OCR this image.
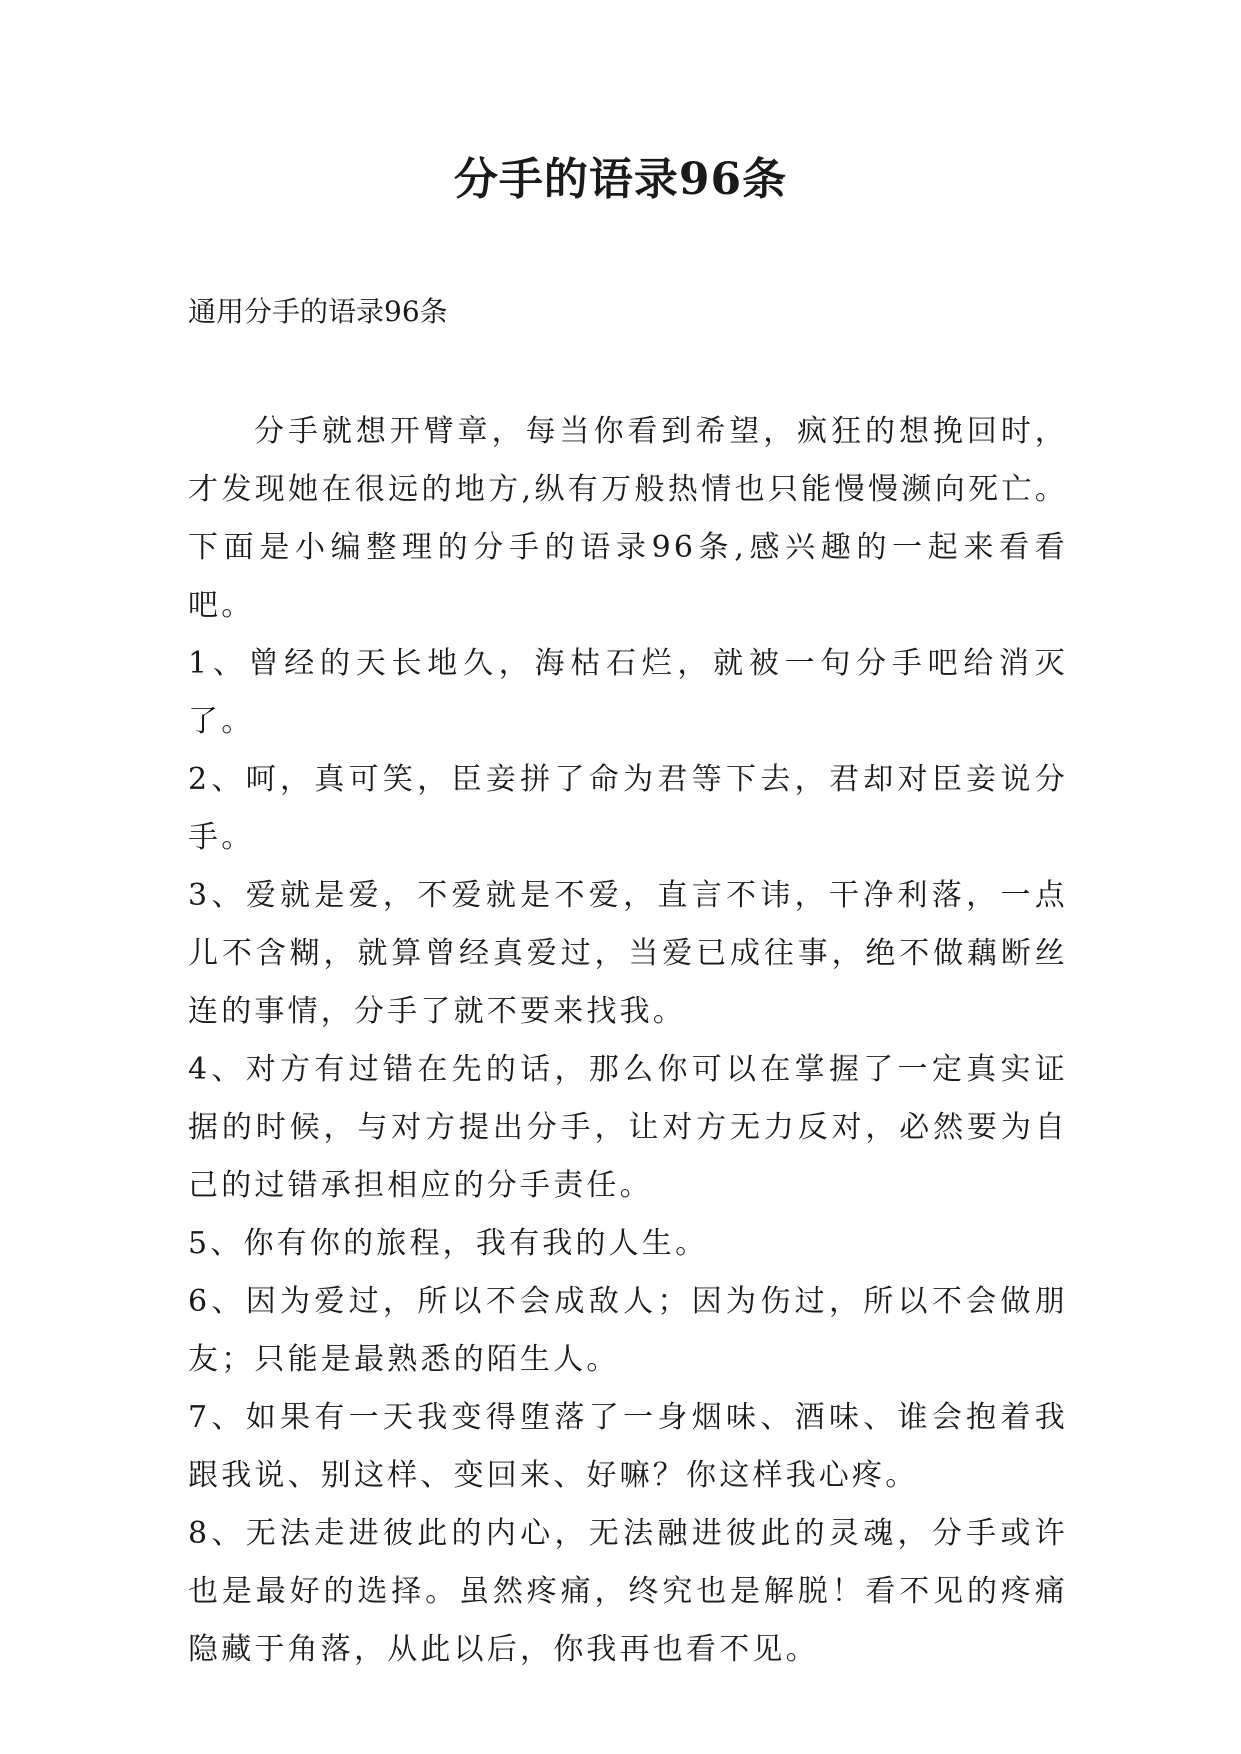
分手的语录96条

通用分手的语录96条

分手就想开臂章，每当你看到希望，疯狂的想挽回时，才发现她在很远的地方,纵有万般热情也只能慢慢濒向死亡。下面是小编整理的分手的语录96条,感兴趣的一起来看看吧。

1、曾经的天长地久，海枯石烂，就被一句分手吧给消灭了。

2、呵，真可笑，臣妾拼了命为君等下去，君却对臣妾说分手。

3、爱就是爱，不爱就是不爱，直言不讳，干净利落，一点儿不含糊，就算曾经真爱过，当爱已成往事，绝不做藕断丝连的事情，分手了就不要来找我。

4、对方有过错在先的话，那么你可以在掌握了一定真实证据的时候，与对方提出分手，让对方无力反对，必然要为自己的过错承担相应的分手责任。

5、你有你的旅程，我有我的人生。

6、因为爱过，所以不会成敌人；因为伤过，所以不会做朋友；只能是最熟悉的陌生人。

7、如果有一天我变得堕落了一身烟味、酒味、谁会抱着我跟我说、别这样、变回来、好嘛？你这样我心疼。

8、无法走进彼此的内心，无法融进彼此的灵魂，分手或许也是最好的选择。虽然疼痛，终究也是解脱！看不见的疼痛隐藏于角落，从此以后，你我再也看不见。
